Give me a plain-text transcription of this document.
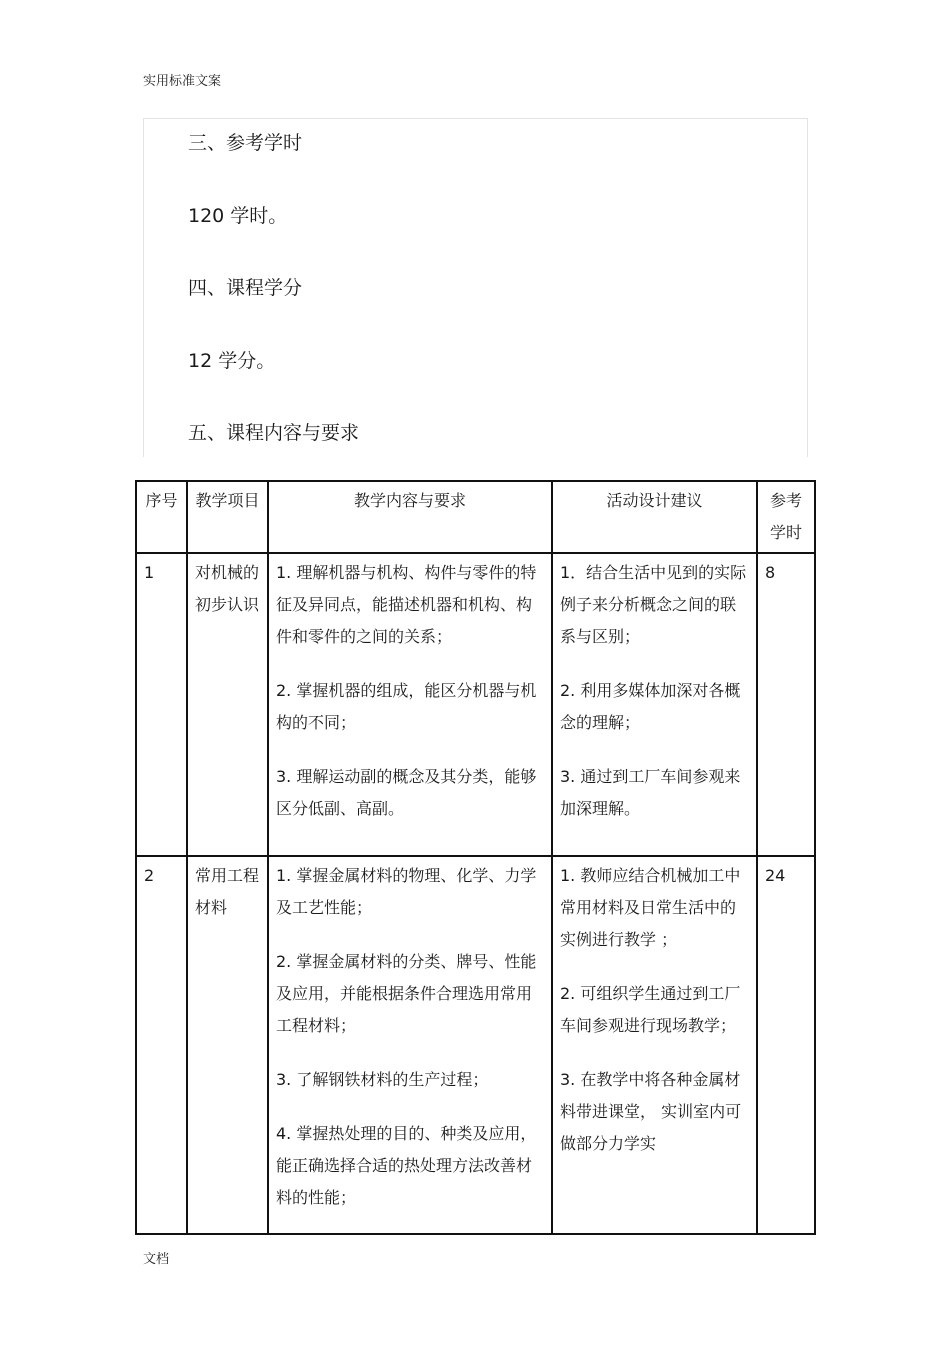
实用标准文案
三、参考学时
120 学时。
四、课程学分
12 学分。
五、课程内容与要求
序号	教学项目	教学内容与要求	活动设计建议	参考学时
1	对机械的初步认识	1. 理解机器与机构、构件与零件的特征及异同点，能描述机器和机构、构件和零件的之间的关系；
2. 掌握机器的组成，能区分机器与机构的不同；
3. 理解运动副的概念及其分类，能够区分低副、高副。	1．结合生活中见到的实际例子来分析概念之间的联系与区别；
2. 利用多媒体加深对各概念的理解；
3. 通过到工厂车间参观来加深理解。	8
2	常用工程材料	1. 掌握金属材料的物理、化学、力学及工艺性能；
2. 掌握金属材料的分类、牌号、性能及应用，并能根据条件合理选用常用工程材料；
3. 了解钢铁材料的生产过程；
4. 掌握热处理的目的、种类及应用，能正确选择合适的热处理方法改善材料的性能；	1. 教师应结合机械加工中常用材料及日常生活中的实例进行教学 ；
2. 可组织学生通过到工厂车间参观进行现场教学；
3. 在教学中将各种金属材料带进课堂， 实训室内可做部分力学实	24
文档
